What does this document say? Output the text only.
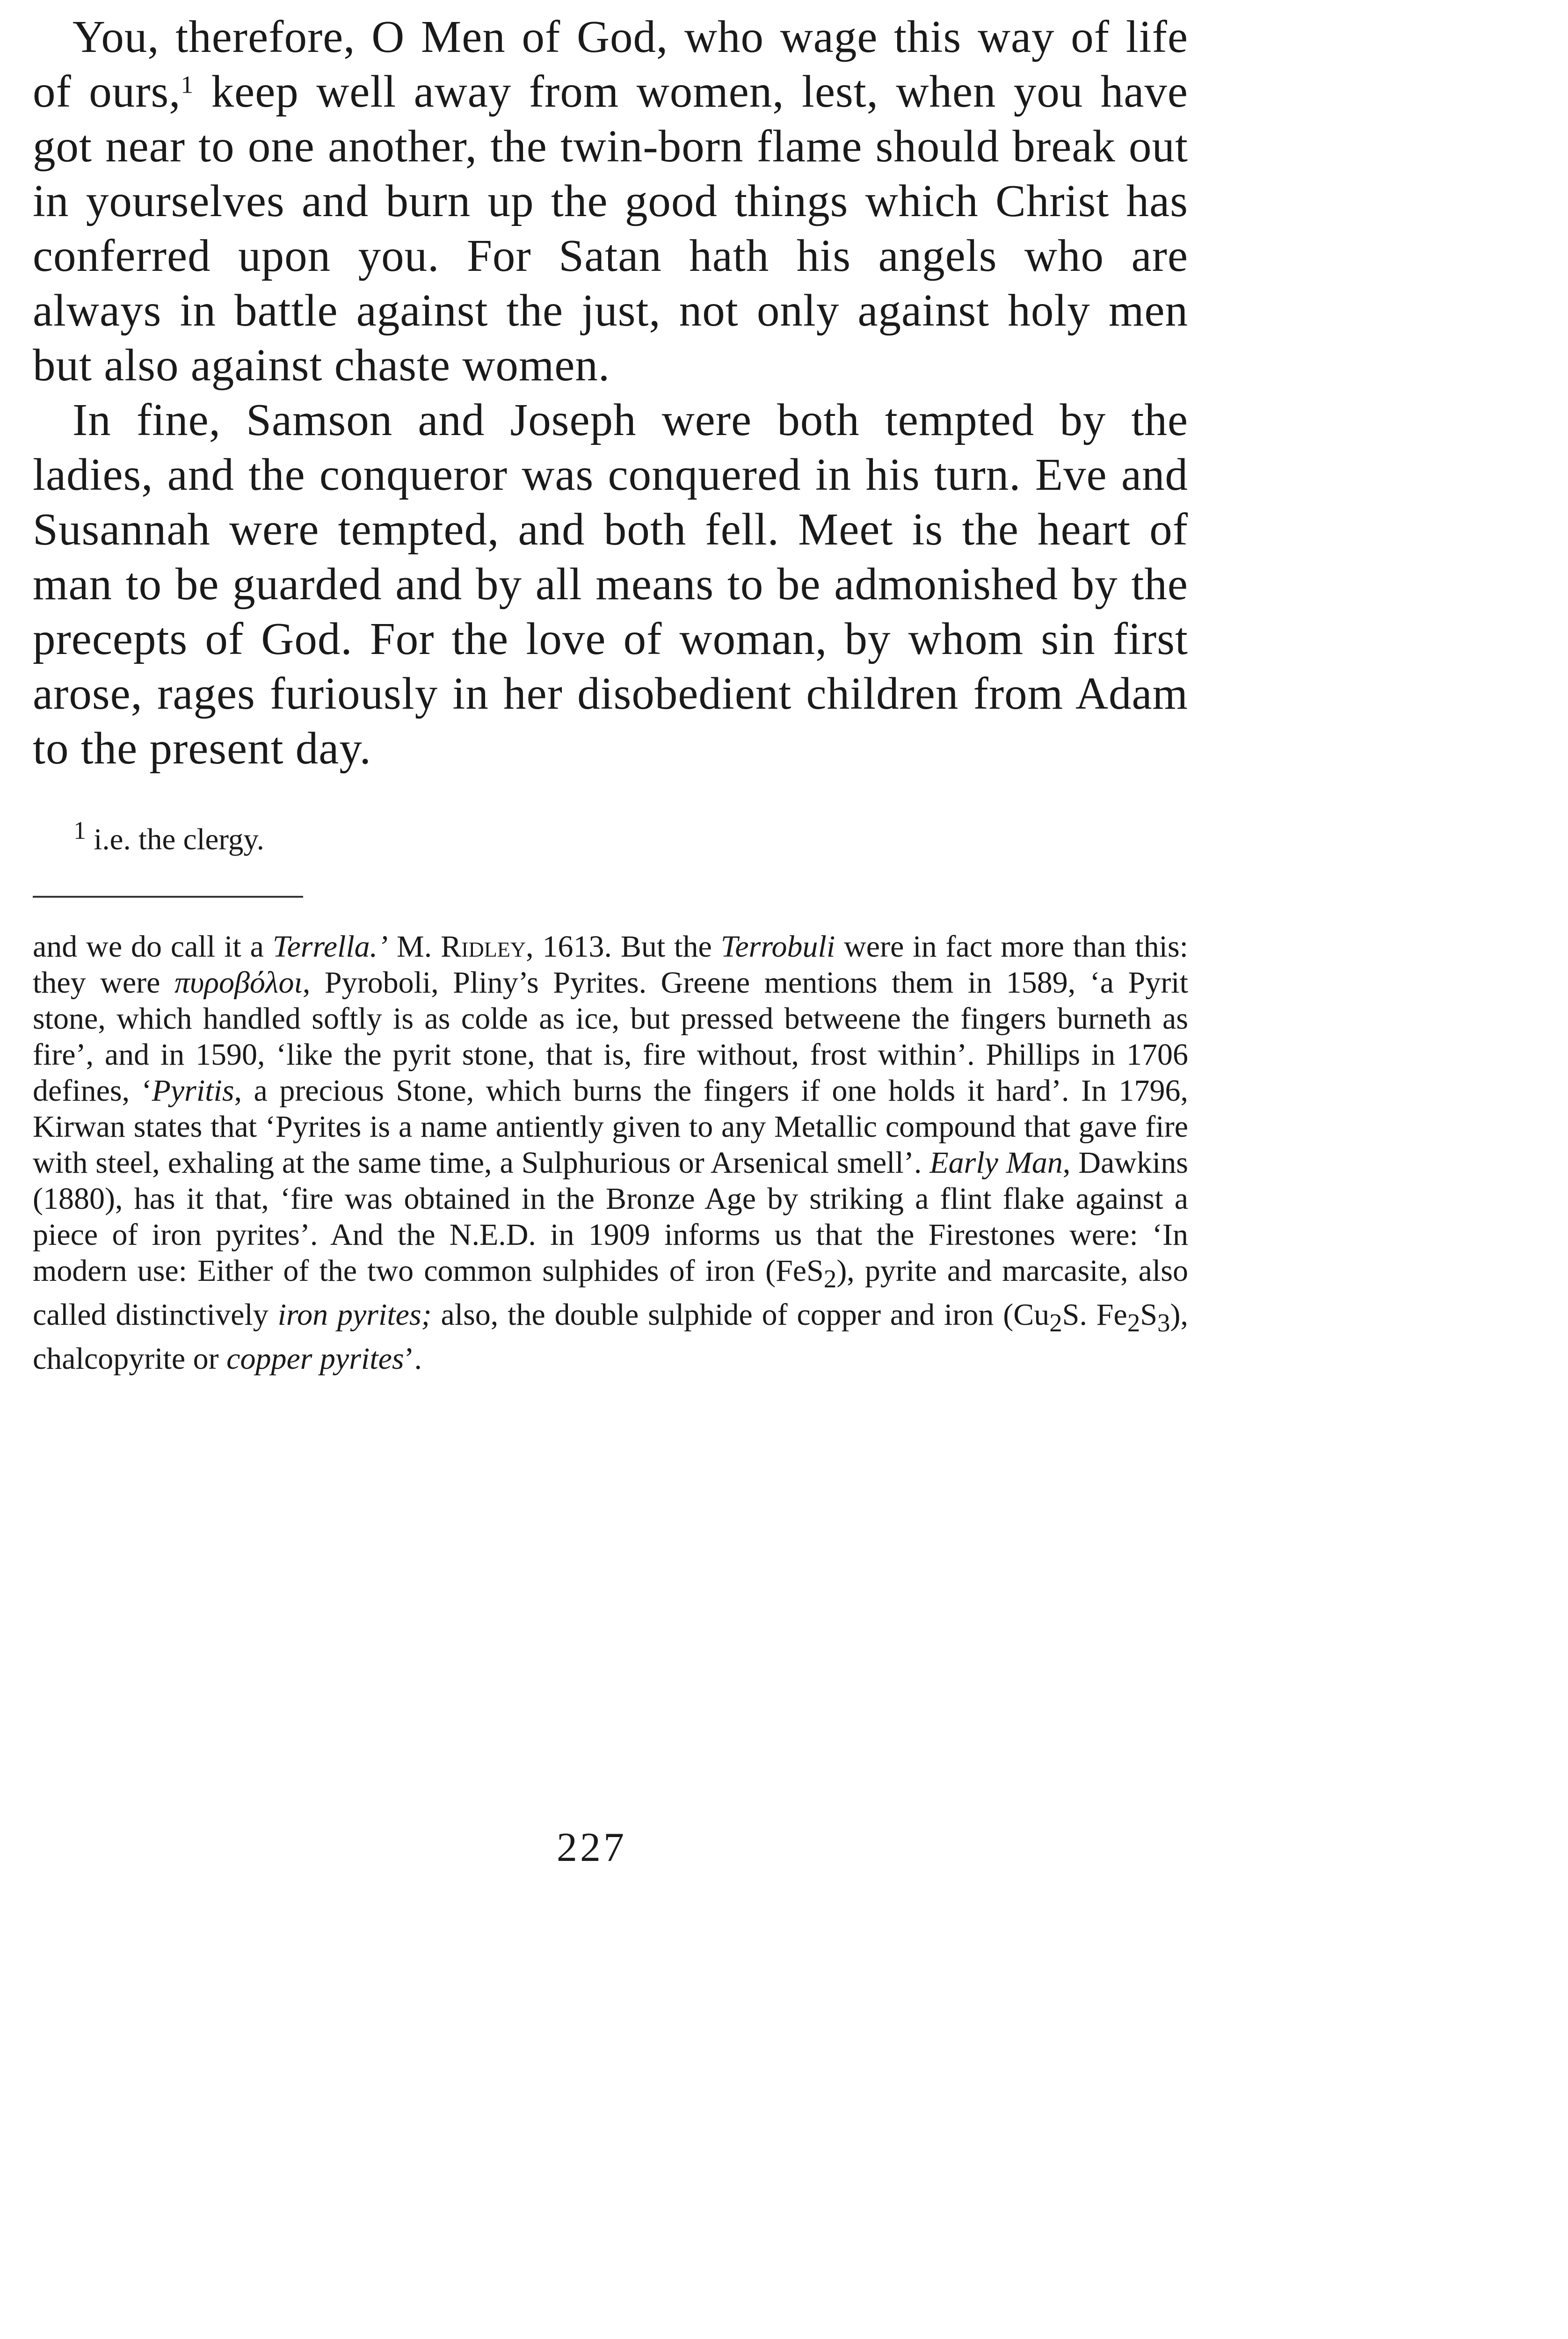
You, therefore, O Men of God, who wage this way of life of ours,$^1$ keep well away from women, lest, when you have got near to one another, the twin-born flame should break out in yourselves and burn up the good things which Christ has conferred upon you. For Satan hath his angels who are always in battle against the just, not only against holy men but also against chaste women.

In fine, Samson and Joseph were both tempted by the ladies, and the conqueror was conquered in his turn. Eve and Susannah were tempted, and both fell. Meet is the heart of man to be guarded and by all means to be admonished by the precepts of God. For the love of woman, by whom sin first arose, rages furiously in her disobedient children from Adam to the present day.

$^1$ i.e. the clergy.
and we do call it a Terrella.’ M. Ridley, 1613. But the Terrobuli were in fact more than this: they were πυροβόλοι, Pyroboli, Pliny’s Pyrites. Greene mentions them in 1589, ‘a Pyrit stone, which handled softly is as colde as ice, but pressed betweene the fingers burneth as fire’, and in 1590, ‘like the pyrit stone, that is, fire without, frost within’. Phillips in 1706 defines, ‘Pyritis, a precious Stone, which burns the fingers if one holds it hard’. In 1796, Kirwan states that ‘Pyrites is a name antiently given to any Metallic compound that gave fire with steel, exhaling at the same time, a Sulphurious or Arsenical smell’. Early Man, Dawkins (1880), has it that, ‘fire was obtained in the Bronze Age by striking a flint flake against a piece of iron pyrites’. And the N.E.D. in 1909 informs us that the Firestones were: ‘In modern use: Either of the two common sulphides of iron (FeS$_2$), pyrite and marcasite, also called distinctively iron pyrites; also, the double sulphide of copper and iron ($Cu_2S$. $Fe_2S_3$), chalcopyrite or copper pyrites’.
227
